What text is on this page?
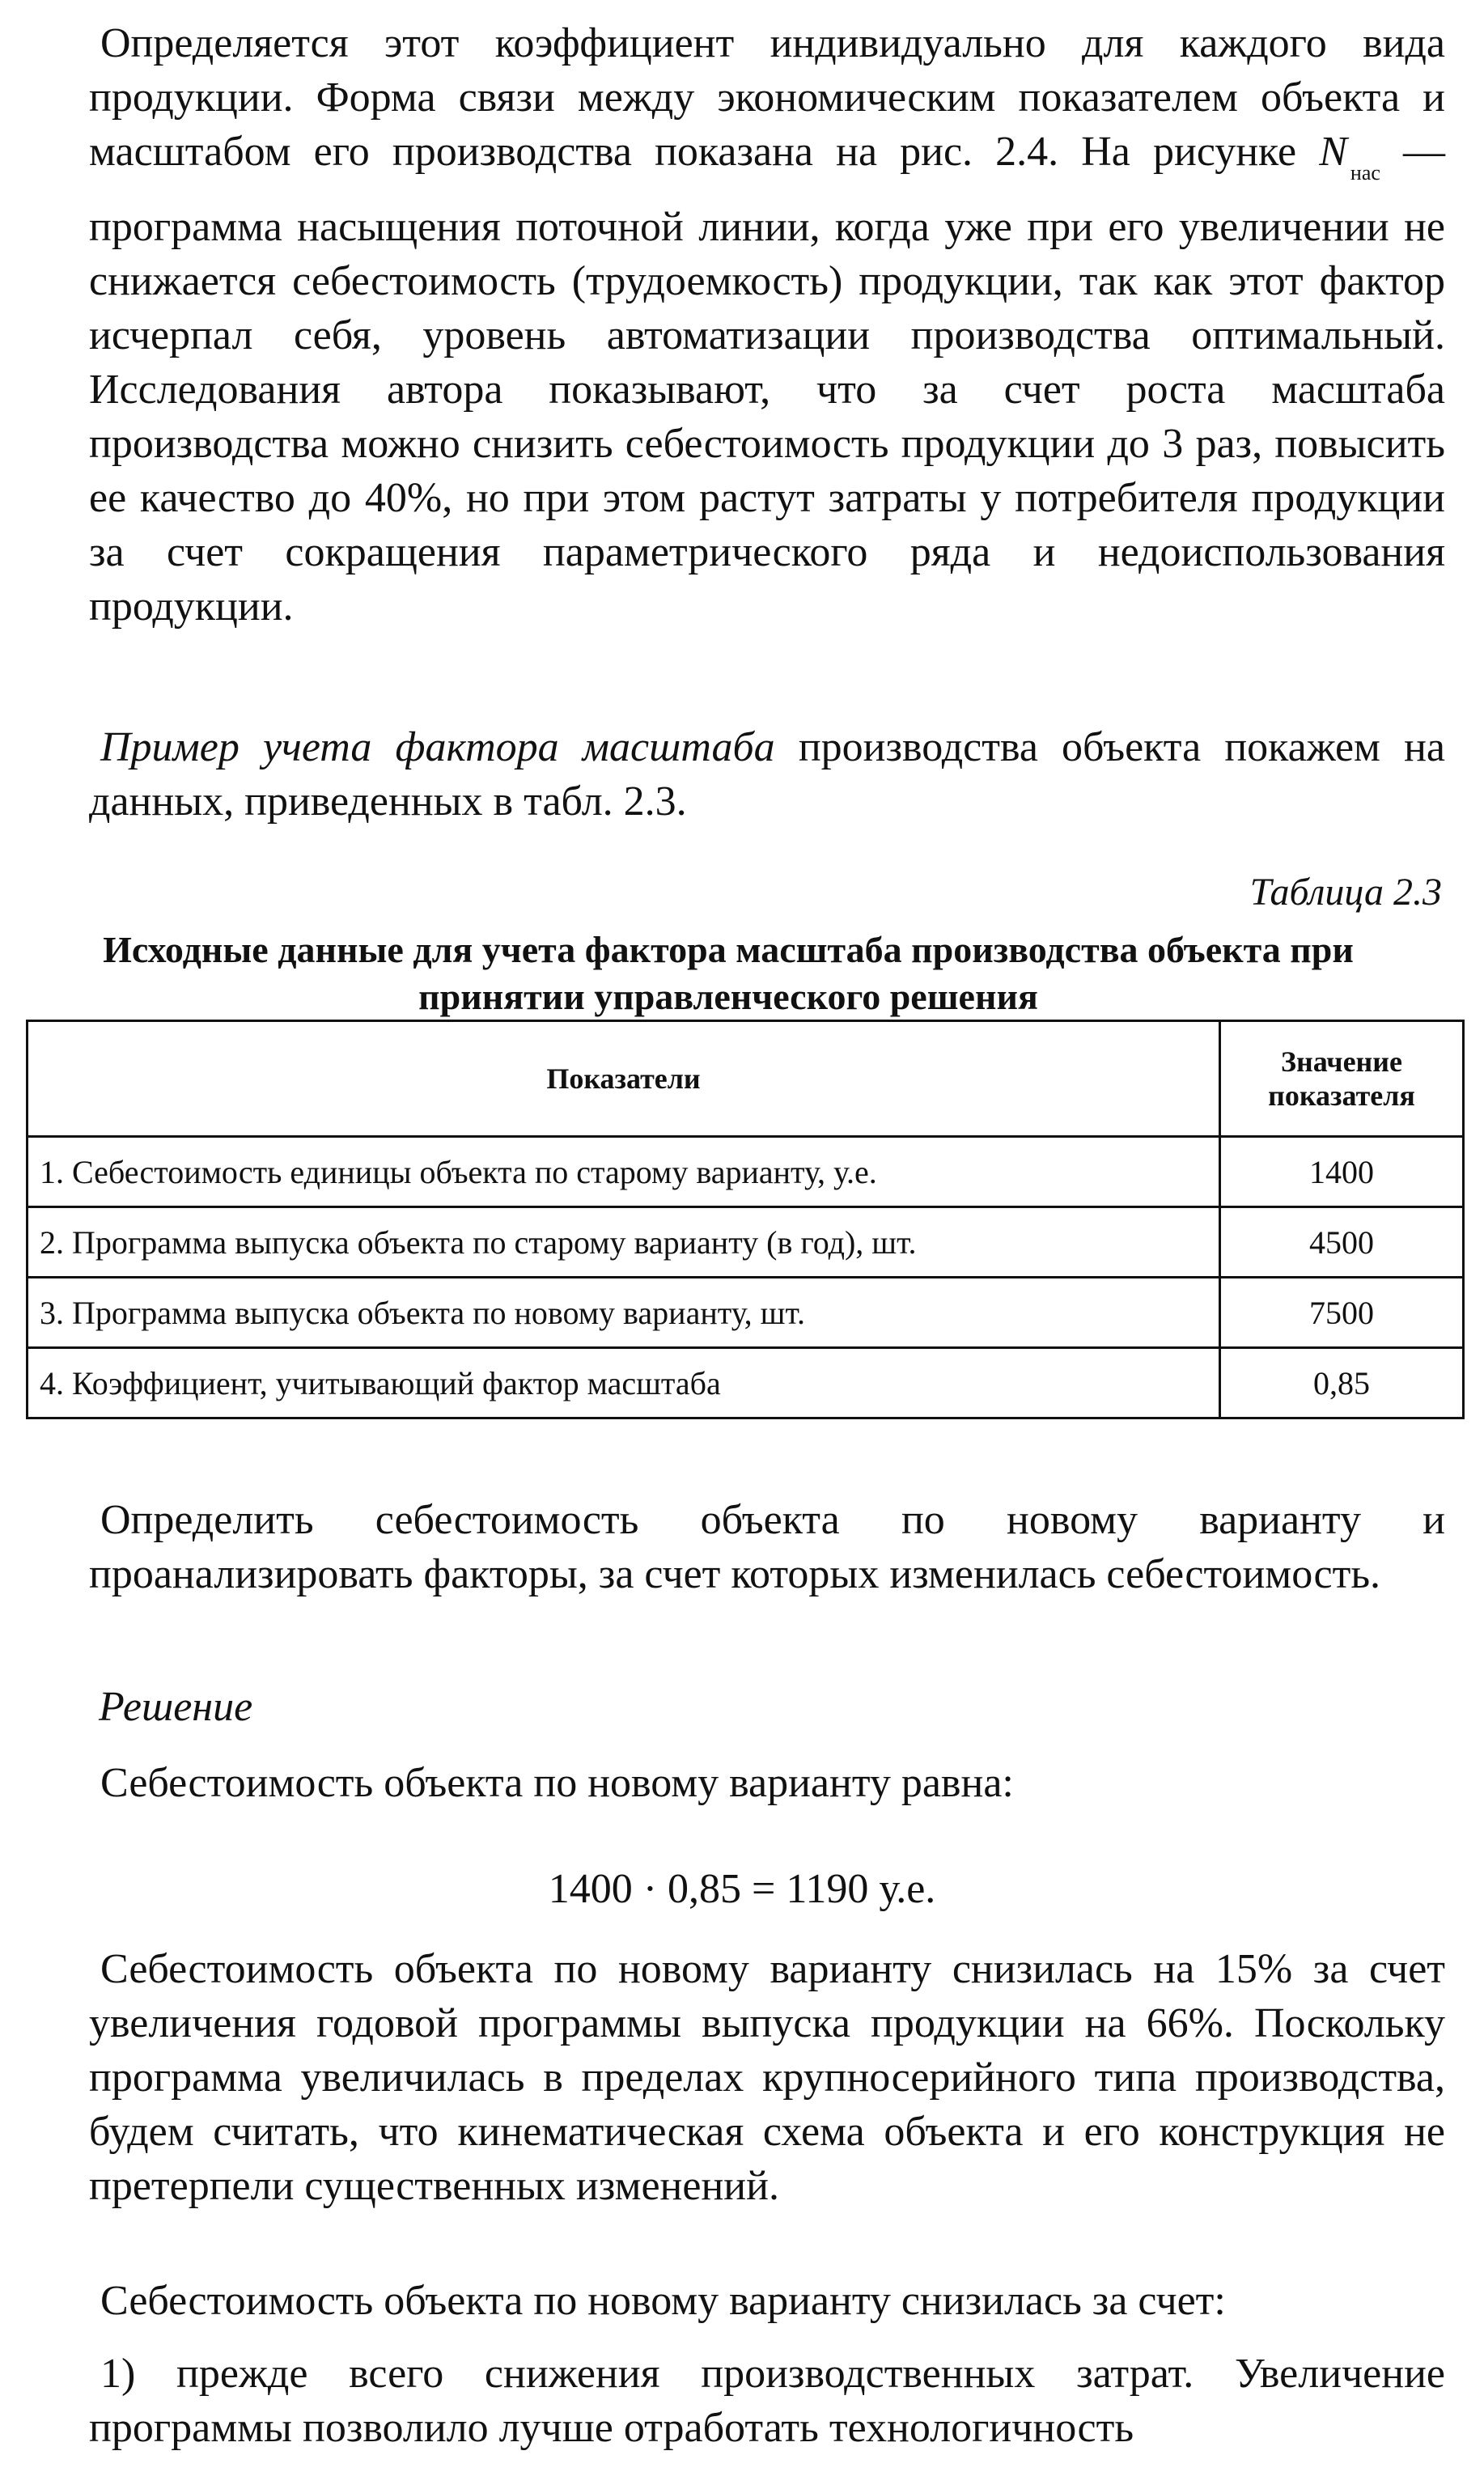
Определяется этот коэффициент индивидуально для каждого вида продукции. Форма связи между экономическим показателем объекта и масштабом его производства показана на рис. 2.4. На рисунке N $_{нас}$ — программа насыщения поточной линии, когда уже при его увеличении не снижается себестоимость (трудоемкость) продукции, так как этот фактор исчерпал себя, уровень автоматизации производства оптимальный. Исследования автора показывают, что за счет роста масштаба производства можно снизить себестоимость продукции до 3 раз, повысить ее качество до 40%, но при этом растут затраты у потребителя продукции за счет сокращения параметрического ряда и недоиспользования продукции.

Пример учета фактора масштаба производства объекта покажем на данных, приведенных в табл. 2.3.

Таблица 2.3
Исходные данные для учета фактора масштаба производства объекта при принятии управленческого решения
Показатели	Значение показателя
1. Себестоимость единицы объекта по старому варианту, у.е.	1400
2. Программа выпуска объекта по старому варианту (в год), шт.	4500
3. Программа выпуска объекта по новому варианту, шт.	7500
4. Коэффициент, учитывающий фактор масштаба	0,85

Определить себестоимость объекта по новому варианту и проанализировать факторы, за счет которых изменилась себестоимость.

Решение

Себестоимость объекта по новому варианту равна:

1400 · 0,85 = 1190 у.е.

Себестоимость объекта по новому варианту снизилась на 15% за счет увеличения годовой программы выпуска продукции на 66%. Поскольку программа увеличилась в пределах крупносерийного типа производства, будем считать, что кинематическая схема объекта и его конструкция не претерпели существенных изменений.

Себестоимость объекта по новому варианту снизилась за счет:

1) прежде всего снижения производственных затрат. Увеличение программы позволило лучше отработать технологичность
